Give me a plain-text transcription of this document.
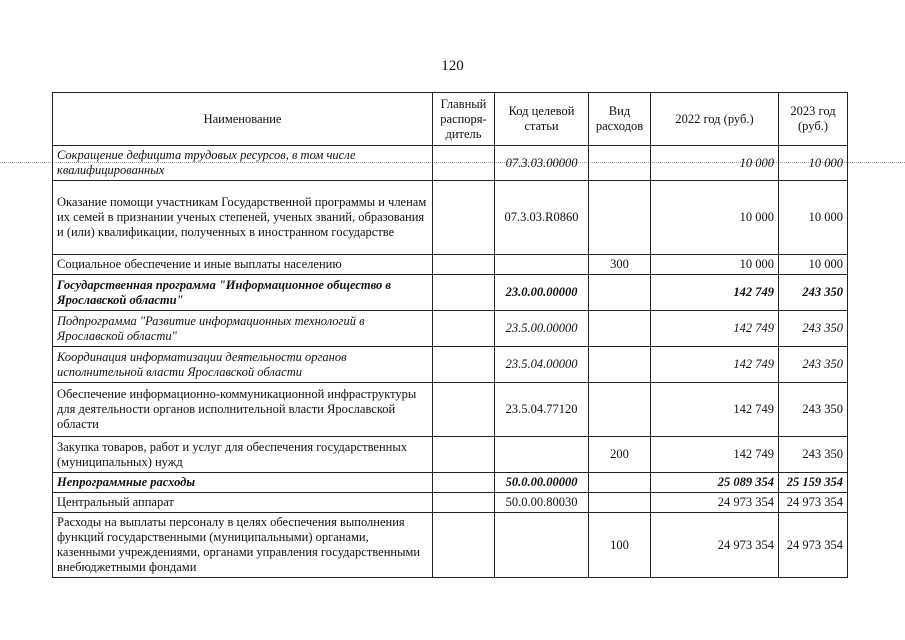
120
Наименование	Главный распоря-дитель	Код целевой статьи	Вид расходов	2022 год (руб.)	2023 год (руб.)
Сокращение дефицита трудовых ресурсов, в том числе квалифицированных		07.3.03.00000		10 000	10 000
Оказание помощи участникам Государственной программы и членам их семей в признании ученых степеней, ученых званий, образования и (или) квалификации, полученных в иностранном государстве		07.3.03.R0860		10 000	10 000
Социальное обеспечение и иные выплаты населению			300	10 000	10 000
Государственная программа "Информационное общество в Ярославской области"		23.0.00.00000		142 749	243 350
Подпрограмма "Развитие информационных технологий в Ярославской области"		23.5.00.00000		142 749	243 350
Координация информатизации деятельности органов исполнительной власти Ярославской области		23.5.04.00000		142 749	243 350
Обеспечение информационно-коммуникационной инфраструктуры для деятельности органов исполнительной власти Ярославской области		23.5.04.77120		142 749	243 350
Закупка товаров, работ и услуг для обеспечения государственных (муниципальных) нужд			200	142 749	243 350
Непрограммные расходы		50.0.00.00000		25 089 354	25 159 354
Центральный аппарат		50.0.00.80030		24 973 354	24 973 354
Расходы на выплаты персоналу в целях обеспечения выполнения функций государственными (муниципальными) органами, казенными учреждениями, органами управления государственными внебюджетными фондами			100	24 973 354	24 973 354
